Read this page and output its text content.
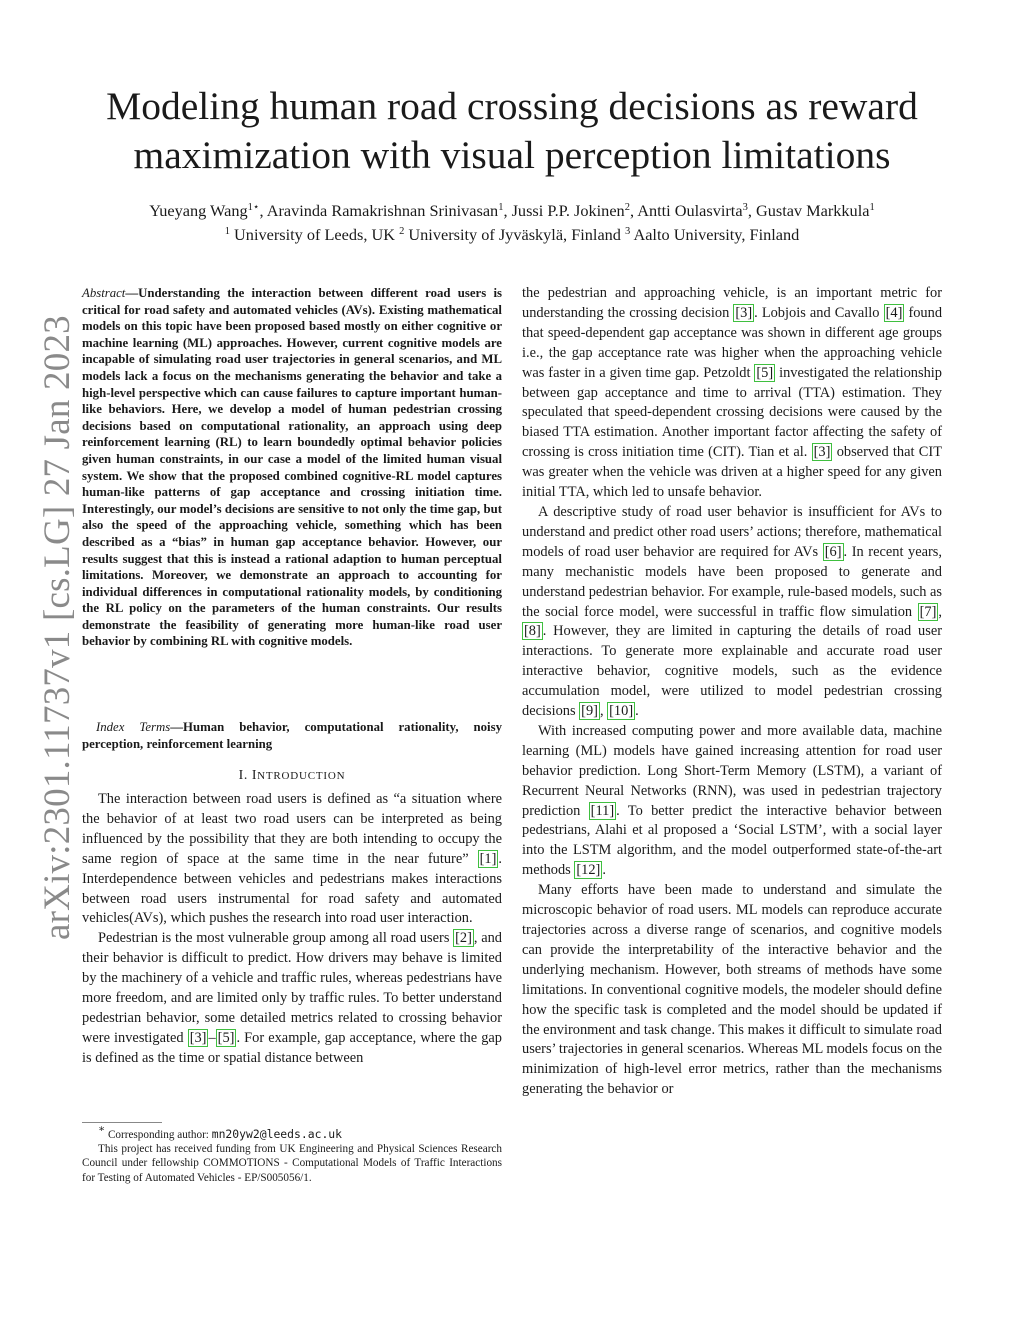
arXiv:2301.11737v1 [cs.LG] 27 Jan 2023
Modeling human road crossing decisions as reward
maximization with visual perception limitations
Yueyang Wang$^{1⋆}$, Aravinda Ramakrishnan Srinivasan$^1$, Jussi P.P. Jokinen$^2$, Antti Oulasvirta$^3$, Gustav Markkula$^1$
$^1$ University of Leeds, UK $^2$ University of Jyväskylä, Finland $^3$ Aalto University, Finland
Abstract—Understanding the interaction between different road users is critical for road safety and automated vehicles (AVs). Existing mathematical models on this topic have been proposed based mostly on either cognitive or machine learning (ML) approaches. However, current cognitive models are incapable of simulating road user trajectories in general scenarios, and ML models lack a focus on the mechanisms generating the behavior and take a high-level perspective which can cause failures to capture important human-like behaviors. Here, we develop a model of human pedestrian crossing decisions based on computational rationality, an approach using deep reinforcement learning (RL) to learn boundedly optimal behavior policies given human constraints, in our case a model of the limited human visual system. We show that the proposed combined cognitive-RL model captures human-like patterns of gap acceptance and crossing initiation time. Interestingly, our model’s decisions are sensitive to not only the time gap, but also the speed of the approaching vehicle, something which has been described as a “bias” in human gap acceptance behavior. However, our results suggest that this is instead a rational adaption to human perceptual limitations. Moreover, we demonstrate an approach to accounting for individual differences in computational rationality models, by conditioning the RL policy on the parameters of the human constraints. Our results demonstrate the feasibility of generating more human-like road user behavior by combining RL with cognitive models.
Index Terms—Human behavior, computational rationality, noisy perception, reinforcement learning
I. INTRODUCTION

The interaction between road users is defined as “a situation where the behavior of at least two road users can be interpreted as being influenced by the possibility that they are both intending to occupy the same region of space at the same time in the near future” [1] . Interdependence between vehicles and pedestrians makes interactions between road users instrumental for road safety and automated vehicles(AVs), which pushes the research into road user interaction.

Pedestrian is the most vulnerable group among all road users [2] , and their behavior is difficult to predict. How drivers may behave is limited by the machinery of a vehicle and traffic rules, whereas pedestrians have more freedom, and are limited only by traffic rules. To better understand pedestrian behavior, some detailed metrics related to crossing behavior were investigated [3] – [5] . For example, gap acceptance, where the gap is defined as the time or spatial distance between

the pedestrian and approaching vehicle, is an important metric for understanding the crossing decision [3] . Lobjois and Cavallo [4] found that speed-dependent gap acceptance was shown in different age groups i.e., the gap acceptance rate was higher when the approaching vehicle was faster in a given time gap. Petzoldt [5] investigated the relationship between gap acceptance and time to arrival (TTA) estimation. They speculated that speed-dependent crossing decisions were caused by the biased TTA estimation. Another important factor affecting the safety of crossing is cross initiation time (CIT). Tian et al. [3] observed that CIT was greater when the vehicle was driven at a higher speed for any given initial TTA, which led to unsafe behavior.

A descriptive study of road user behavior is insufficient for AVs to understand and predict other road users’ actions; therefore, mathematical models of road user behavior are required for AVs [6] . In recent years, many mechanistic models have been proposed to generate and understand pedestrian behavior. For example, rule-based models, such as the social force model, were successful in traffic flow simulation [7] , [8] . However, they are limited in capturing the details of road user interactions. To generate more explainable and accurate road user interactive behavior, cognitive models, such as the evidence accumulation model, were utilized to model pedestrian crossing decisions [9] , [10] .

With increased computing power and more available data, machine learning (ML) models have gained increasing attention for road user behavior prediction. Long Short-Term Memory (LSTM), a variant of Recurrent Neural Networks (RNN), was used in pedestrian trajectory prediction [11] . To better predict the interactive behavior between pedestrians, Alahi et al proposed a ‘Social LSTM’, with a social layer into the LSTM algorithm, and the model outperformed state-of-the-art methods [12] .

Many efforts have been made to understand and simulate the microscopic behavior of road users. ML models can reproduce accurate trajectories across a diverse range of scenarios, and cognitive models can provide the interpretability of the interactive behavior and the underlying mechanism. However, both streams of methods have some limitations. In conventional cognitive models, the modeler should define how the specific task is completed and the model should be updated if the environment and task change. This makes it difficult to simulate road users’ trajectories in general scenarios. Whereas ML models focus on the minimization of high-level error metrics, rather than the mechanisms generating the behavior or

∗ Corresponding author: mn20yw2@leeds.ac.uk

This project has received funding from UK Engineering and Physical Sciences Research Council under fellowship COMMOTIONS - Computational Models of Traffic Interactions for Testing of Automated Vehicles - EP/S005056/1.
